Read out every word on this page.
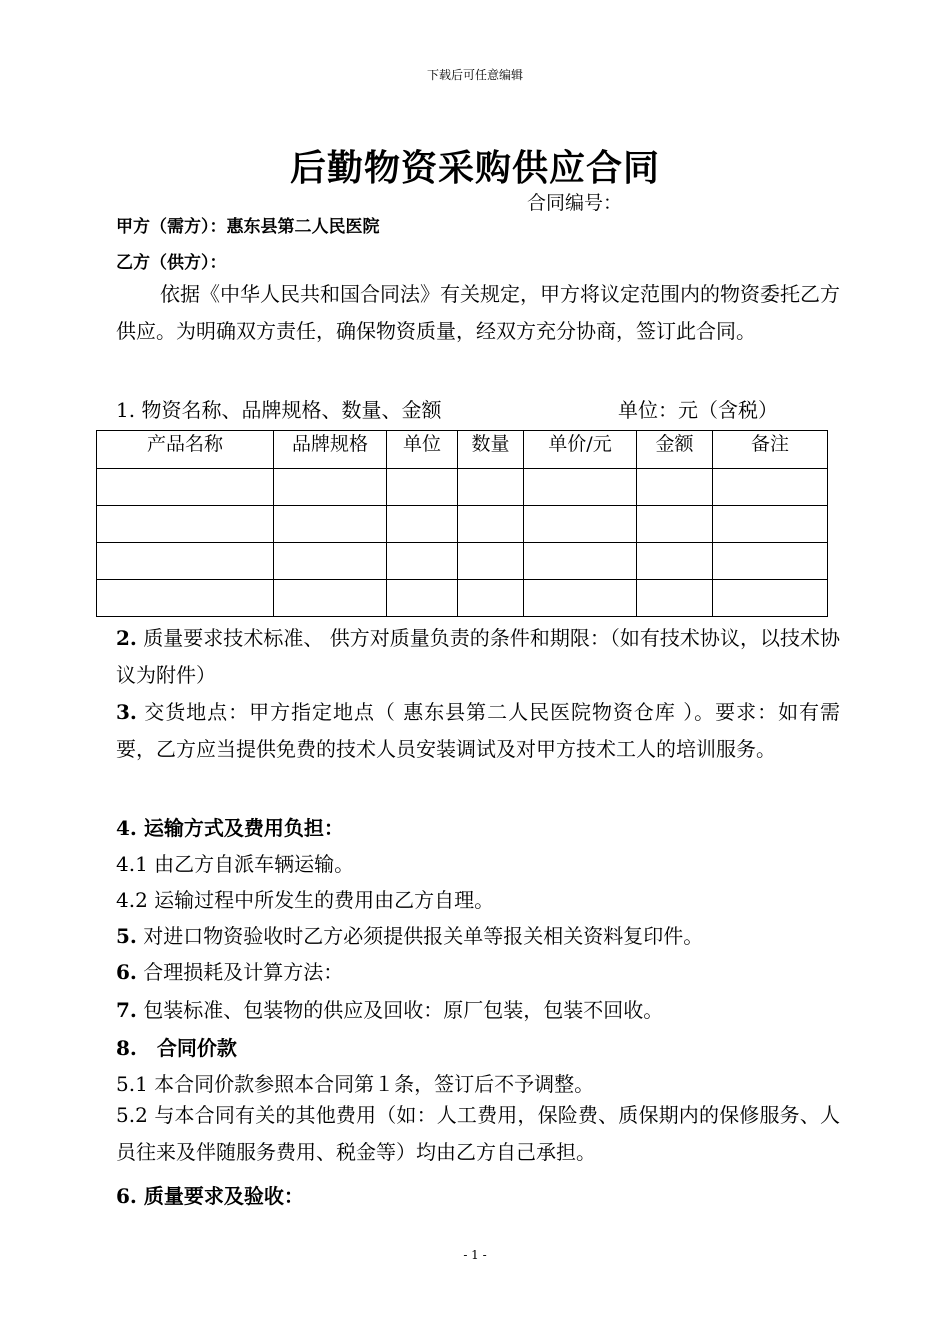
下载后可任意编辑
后勤物资采购供应合同
合同编号：
甲方（需方）：惠东县第二人民医院
乙方（供方）：
依据《中华人民共和国合同法》有关规定，甲方将议定范围内的物资委托乙方供应。为明确双方责任，确保物资质量，经双方充分协商，签订此合同。
1. 物资名称、品牌规格、数量、金额	单位：元（含税）
产品名称	品牌规格	单位	数量	单价/元	金额	备注

2. 质量要求技术标准、 供方对质量负责的条件和期限：（如有技术协议，以技术协议为附件）
3. 交货地点：甲方指定地点（ 惠东县第二人民医院物资仓库 ）。要求：如有需要，乙方应当提供免费的技术人员安装调试及对甲方技术工人的培训服务。
4. 运输方式及费用负担：
4.1 由乙方自派车辆运输。
4.2 运输过程中所发生的费用由乙方自理。
5. 对进口物资验收时乙方必须提供报关单等报关相关资料复印件。
6. 合理损耗及计算方法：
7. 包装标准、包装物的供应及回收：原厂包装，包装不回收。
8.　合同价款
5.1 本合同价款参照本合同第１条，签订后不予调整。
5.2 与本合同有关的其他费用（如：人工费用，保险费、质保期内的保修服务、人员往来及伴随服务费用、税金等）均由乙方自己承担。
6. 质量要求及验收：
- 1 -
